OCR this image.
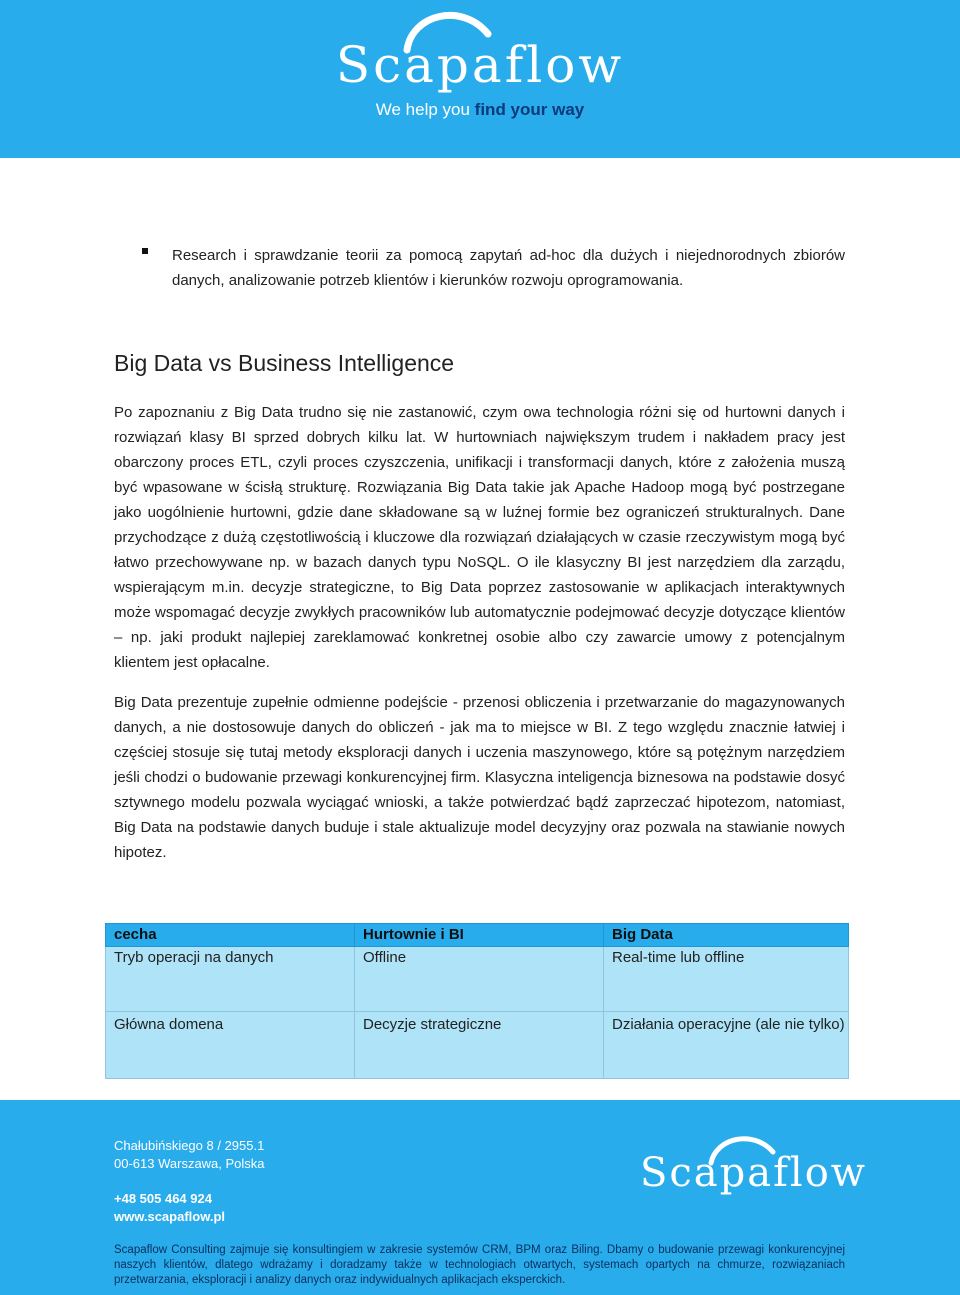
Scapaflow
We help you find your way
Research i sprawdzanie teorii za pomocą zapytań ad-hoc dla dużych i niejednorodnych zbiorów danych, analizowanie potrzeb klientów i kierunków rozwoju oprogramowania.
Big Data vs Business Intelligence
Po zapoznaniu z Big Data trudno się nie zastanowić, czym owa technologia różni się od hurtowni danych i rozwiązań klasy BI sprzed dobrych kilku lat. W hurtowniach największym trudem i nakładem pracy jest obarczony proces ETL, czyli proces czyszczenia, unifikacji i transformacji danych, które z założenia muszą być wpasowane w ścisłą strukturę. Rozwiązania Big Data takie jak Apache Hadoop mogą być postrzegane jako uogólnienie hurtowni, gdzie dane składowane są w luźnej formie bez ograniczeń strukturalnych. Dane przychodzące z dużą częstotliwością i kluczowe dla rozwiązań działających w czasie rzeczywistym mogą być łatwo przechowywane np. w bazach danych typu NoSQL. O ile klasyczny BI jest narzędziem dla zarządu, wspierającym m.in. decyzje strategiczne, to Big Data poprzez zastosowanie w aplikacjach interaktywnych może wspomagać decyzje zwykłych pracowników lub automatycznie podejmować decyzje dotyczące klientów – np. jaki produkt najlepiej zareklamować konkretnej osobie albo czy zawarcie umowy z potencjalnym klientem jest opłacalne.
Big Data prezentuje zupełnie odmienne podejście - przenosi obliczenia i przetwarzanie do magazynowanych danych, a nie dostosowuje danych do obliczeń - jak ma to miejsce w BI. Z tego względu znacznie łatwiej i częściej stosuje się tutaj metody eksploracji danych i uczenia maszynowego, które są potężnym narzędziem jeśli chodzi o budowanie przewagi konkurencyjnej firm. Klasyczna inteligencja biznesowa na podstawie dosyć sztywnego modelu pozwala wyciągać wnioski, a także potwierdzać bądź zaprzeczać hipotezom, natomiast, Big Data na podstawie danych buduje i stale aktualizuje model decyzyjny oraz pozwala na stawianie nowych hipotez.
cecha	Hurtownie i BI	Big Data
Tryb operacji na danych	Offline	Real-time lub offline
Główna domena	Decyzje strategiczne	Działania operacyjne (ale nie tylko)
Chałubińskiego 8 / 2955.1
00-613 Warszawa, Polska
+48 505 464 924
www.scapaflow.pl
Scapaflow
Scapaflow Consulting zajmuje się konsultingiem w zakresie systemów CRM, BPM oraz Biling. Dbamy o budowanie przewagi konkurencyjnej naszych klientów, dlatego wdrażamy i doradzamy także w technologiach otwartych, systemach opartych na chmurze, rozwiązaniach przetwarzania, eksploracji i analizy danych oraz indywidualnych aplikacjach eksperckich.
